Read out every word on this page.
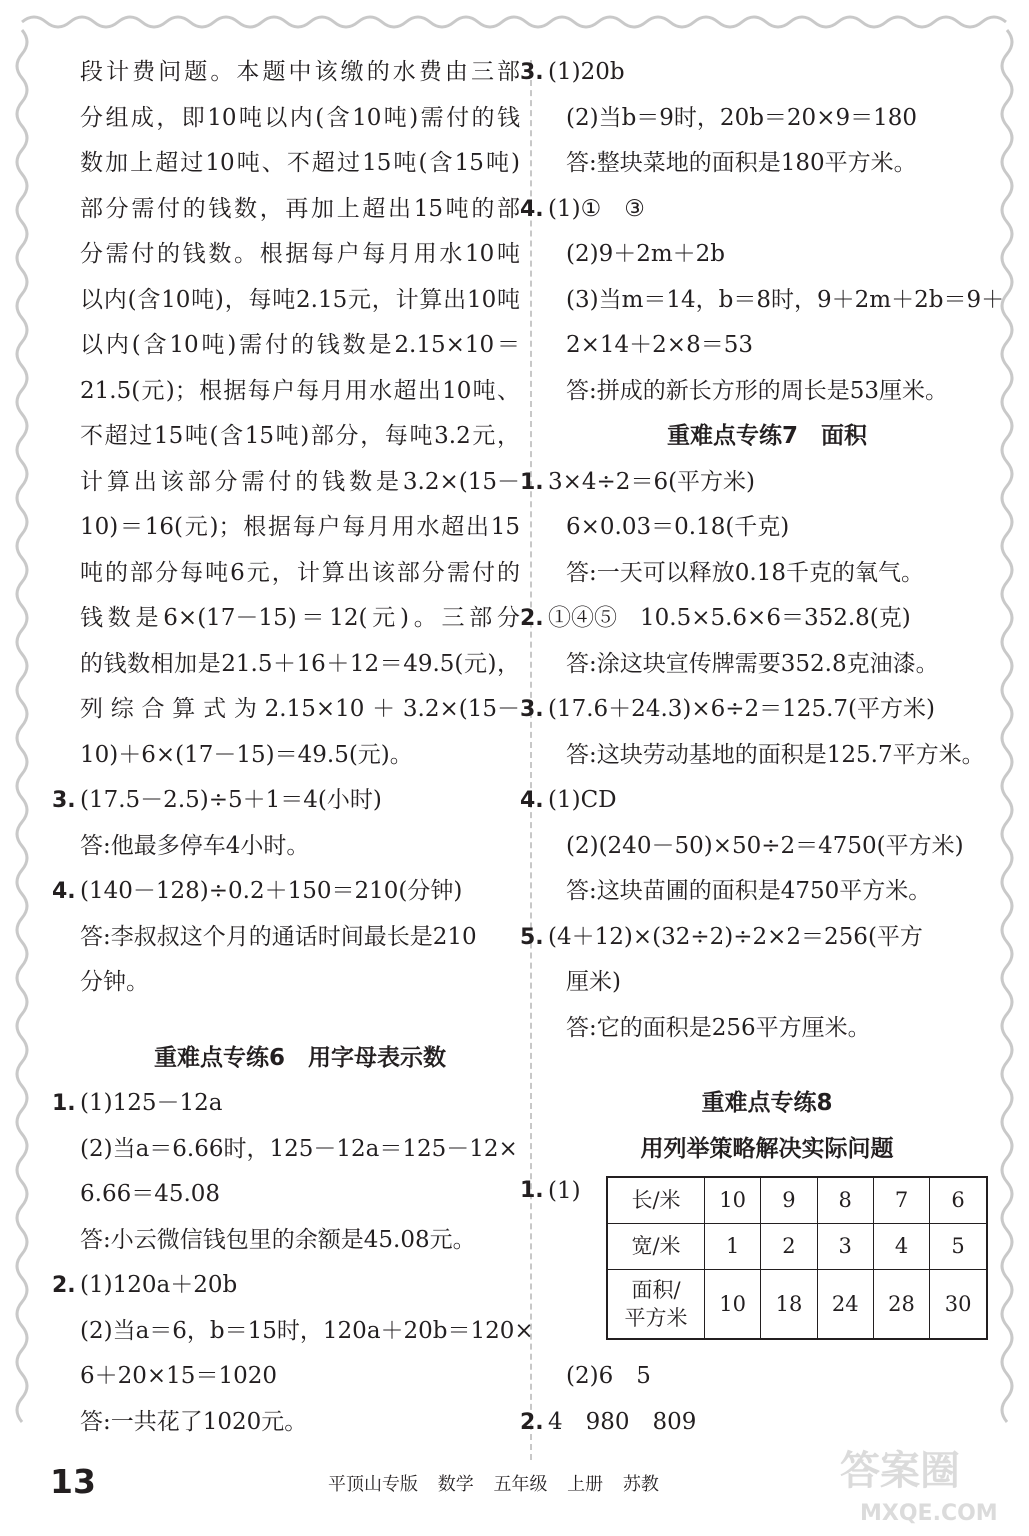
段计费问题。本题中该缴的水费由三部
分组成，即10吨以内(含10吨)需付的钱
数加上超过10吨、不超过15吨(含15吨)
部分需付的钱数，再加上超出15吨的部
分需付的钱数。根据每户每月用水10吨
以内(含10吨)，每吨2.15元，计算出10吨
以内(含10吨)需付的钱数是2.15×10＝
21.5(元)；根据每户每月用水超出10吨、
不超过15吨(含15吨)部分，每吨3.2元，
计算出该部分需付的钱数是3.2×(15－
10)＝16(元)；根据每户每月用水超出15
吨的部分每吨6元，计算出该部分需付的
钱数是6×(17－15)＝12(元)。三部分
的钱数相加是21.5＋16＋12＝49.5(元)，
列综合算式为2.15×10＋3.2×(15－
10)＋6×(17－15)＝49.5(元)。
3. (17.5－2.5)÷5＋1＝4(小时)
答:他最多停车4小时。
4. (140－128)÷0.2＋150＝210(分钟)
答:李叔叔这个月的通话时间最长是210
分钟。
重难点专练6　用字母表示数
1. (1)125－12a
(2)当a＝6.66时，125－12a＝125－12×
6.66＝45.08
答:小云微信钱包里的余额是45.08元。
2. (1)120a＋20b
(2)当a＝6，b＝15时，120a＋20b＝120×
6＋20×15＝1020
答:一共花了1020元。
3. (1)20b
(2)当b＝9时，20b＝20×9＝180
答:整块菜地的面积是180平方米。
4. (1)①　③
(2)9＋2m＋2b
(3)当m＝14，b＝8时，9＋2m＋2b＝9＋
2×14＋2×8＝53
答:拼成的新长方形的周长是53厘米。
重难点专练7　面积
1. 3×4÷2＝6(平方米)
6×0.03＝0.18(千克)
答:一天可以释放0.18千克的氧气。
2. ①④⑤　10.5×5.6×6＝352.8(克)
答:涂这块宣传牌需要352.8克油漆。
3. (17.6＋24.3)×6÷2＝125.7(平方米)
答:这块劳动基地的面积是125.7平方米。
4. (1)CD
(2)(240－50)×50÷2＝4750(平方米)
答:这块苗圃的面积是4750平方米。
5. (4＋12)×(32÷2)÷2×2＝256(平方
厘米)
答:它的面积是256平方厘米。
重难点专练8
用列举策略解决实际问题
1. (1) 长/米	10	9	8	7	6
宽/米	1	2	3	4	5

面积/
平方米	10	18	24	28	30
(2)6　5
2. 4　980　809
13	平顶山专版 数学 五年级 上册 苏教	答案圈
MXQE.COM
